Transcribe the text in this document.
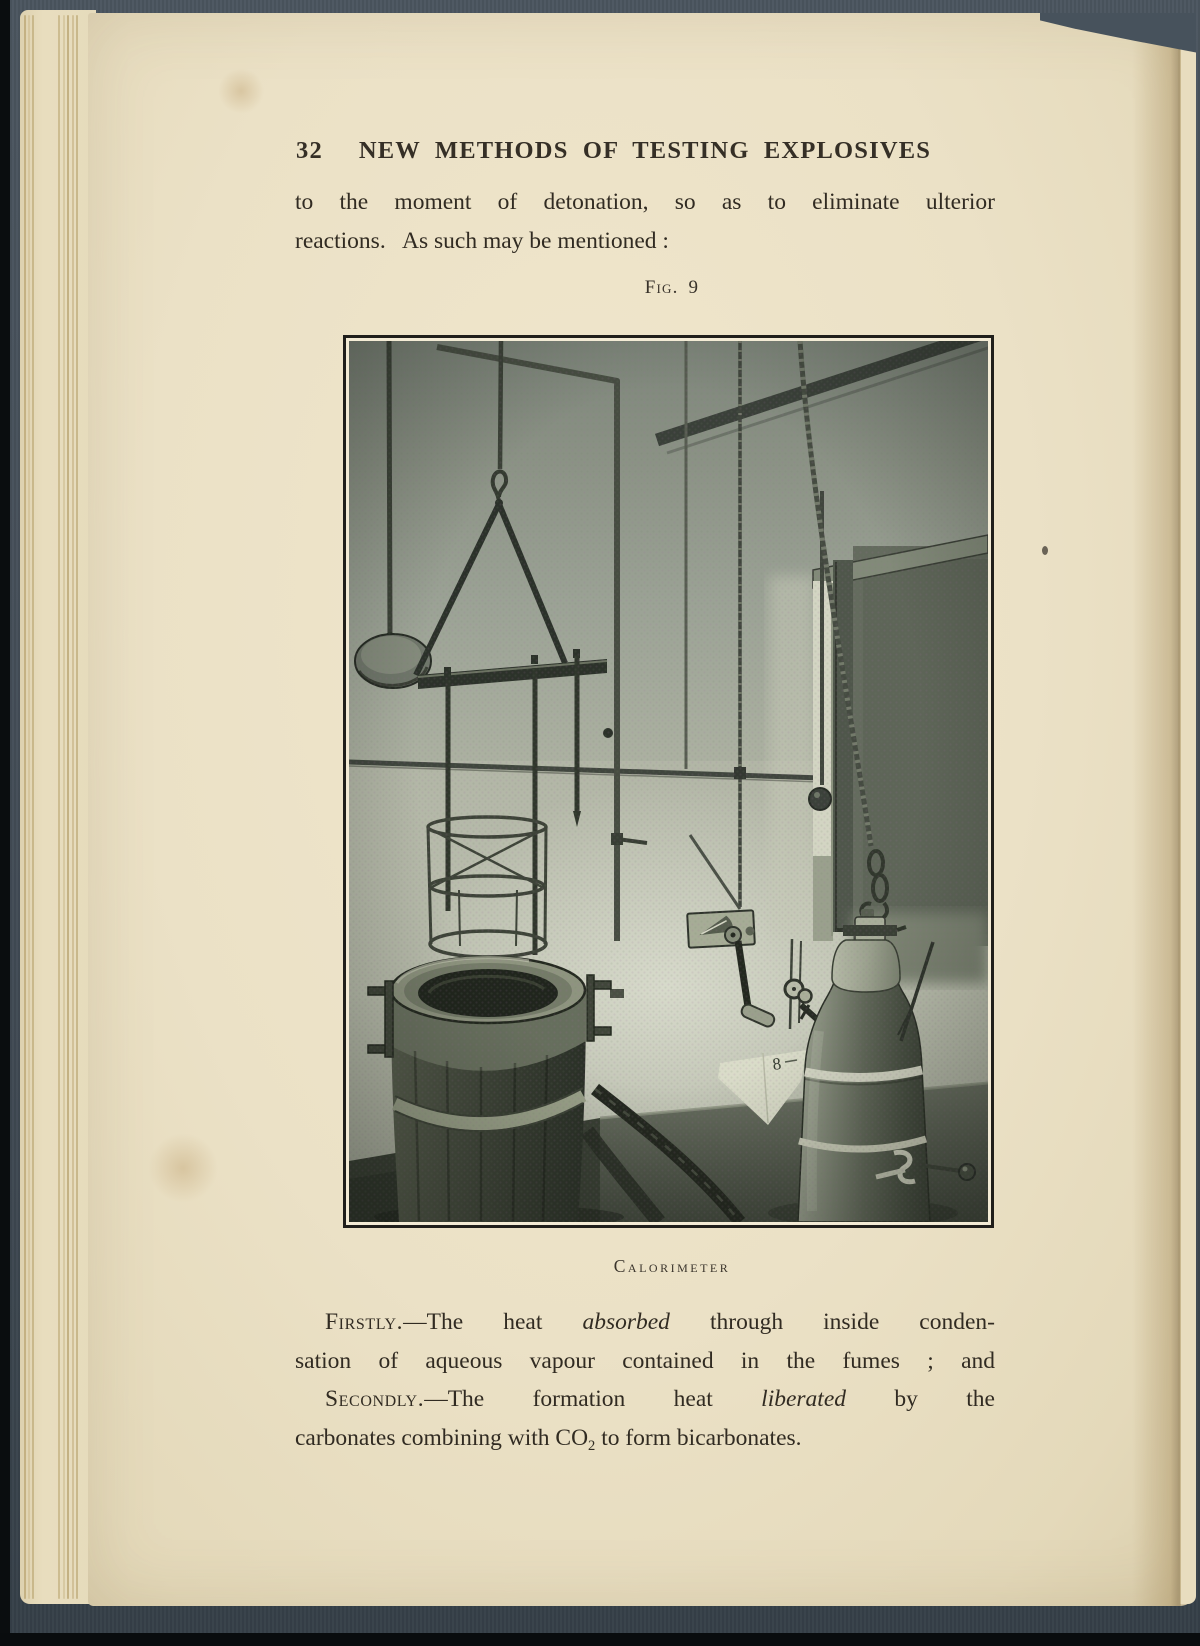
32	NEW METHODS OF TESTING EXPLOSIVES
to the moment of detonation, so as to eliminate ulterior
reactions.   As such may be mentioned :
Fig. 9
Calorimeter
Firstly.—The heat absorbed through inside conden-
sation of aqueous vapour contained in the fumes ; and
Secondly.—The formation heat liberated by the
carbonates combining with $CO_2$ to form bicarbonates.
